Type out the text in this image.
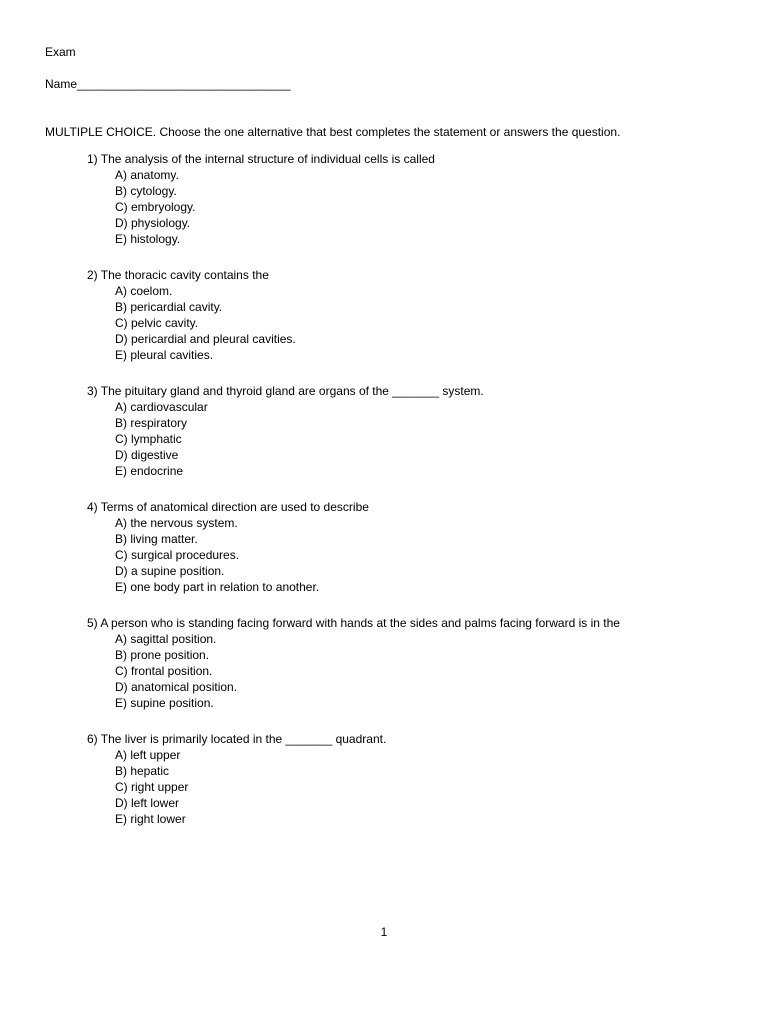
Exam
Name________________________________
MULTIPLE CHOICE. Choose the one alternative that best completes the statement or answers the question.
1) The analysis of the internal structure of individual cells is called
A) anatomy.
B) cytology.
C) embryology.
D) physiology.
E) histology.
2) The thoracic cavity contains the
A) coelom.
B) pericardial cavity.
C) pelvic cavity.
D) pericardial and pleural cavities.
E) pleural cavities.
3) The pituitary gland and thyroid gland are organs of the _______ system.
A) cardiovascular
B) respiratory
C) lymphatic
D) digestive
E) endocrine
4) Terms of anatomical direction are used to describe
A) the nervous system.
B) living matter.
C) surgical procedures.
D) a supine position.
E) one body part in relation to another.
5) A person who is standing facing forward with hands at the sides and palms facing forward is in the
A) sagittal position.
B) prone position.
C) frontal position.
D) anatomical position.
E) supine position.
6) The liver is primarily located in the _______ quadrant.
A) left upper
B) hepatic
C) right upper
D) left lower
E) right lower
1
